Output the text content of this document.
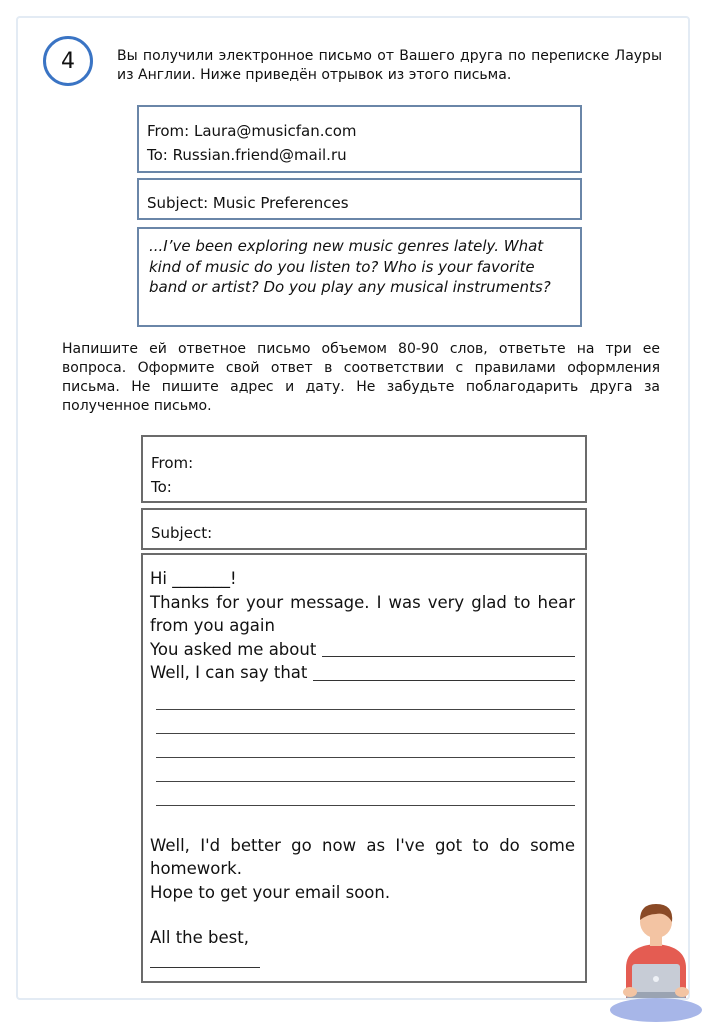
4	Вы получили электронное письмо от Вашего друга по переписке Лауры из Англии. Ниже приведён отрывок из этого письма.
From: Laura@musicfan.com
To: Russian.friend@mail.ru
Subject: Music Preferences
...I’ve been exploring new music genres lately. What kind of music do you listen to? Who is your favorite band or artist? Do you play any musical instruments?
Напишите ей ответное письмо объемом 80-90 слов, ответьте на три ее вопроса. Оформите свой ответ в соответствии с правилами оформления письма. Не пишите адрес и дату. Не забудьте поблагодарить друга за полученное письмо.
From:
To:
Subject:
Hi _______!
Thanks for your message. I was very glad to hear from you again
You asked me about
Well, I can say that
Well, I'd better go now as I've got to do some homework.
Hope to get your email soon.
All the best,
